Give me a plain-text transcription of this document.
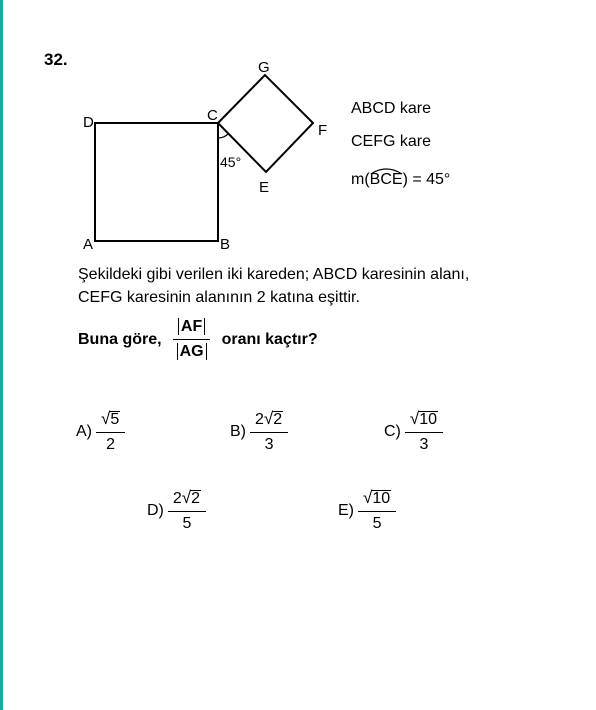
32.
D	C
G
F
E
A	B
45°
ABCD kare
CEFG kare
m(
BCE) = 45°
Şekildeki gibi verilen iki kareden; ABCD karesinin alanı,
CEFG karesinin alanının 2 katına eşittir.
Buna göre, $\frac{AF}{AG}$ oranı kaçtır?
$A) \frac{√ 5}{2}$	$B) \frac{2 √ 2}{3}$	$C) \frac{√ 10}{3}$
$D) \frac{2 √ 2}{5}$	$E) \frac{√ 10}{5}$
